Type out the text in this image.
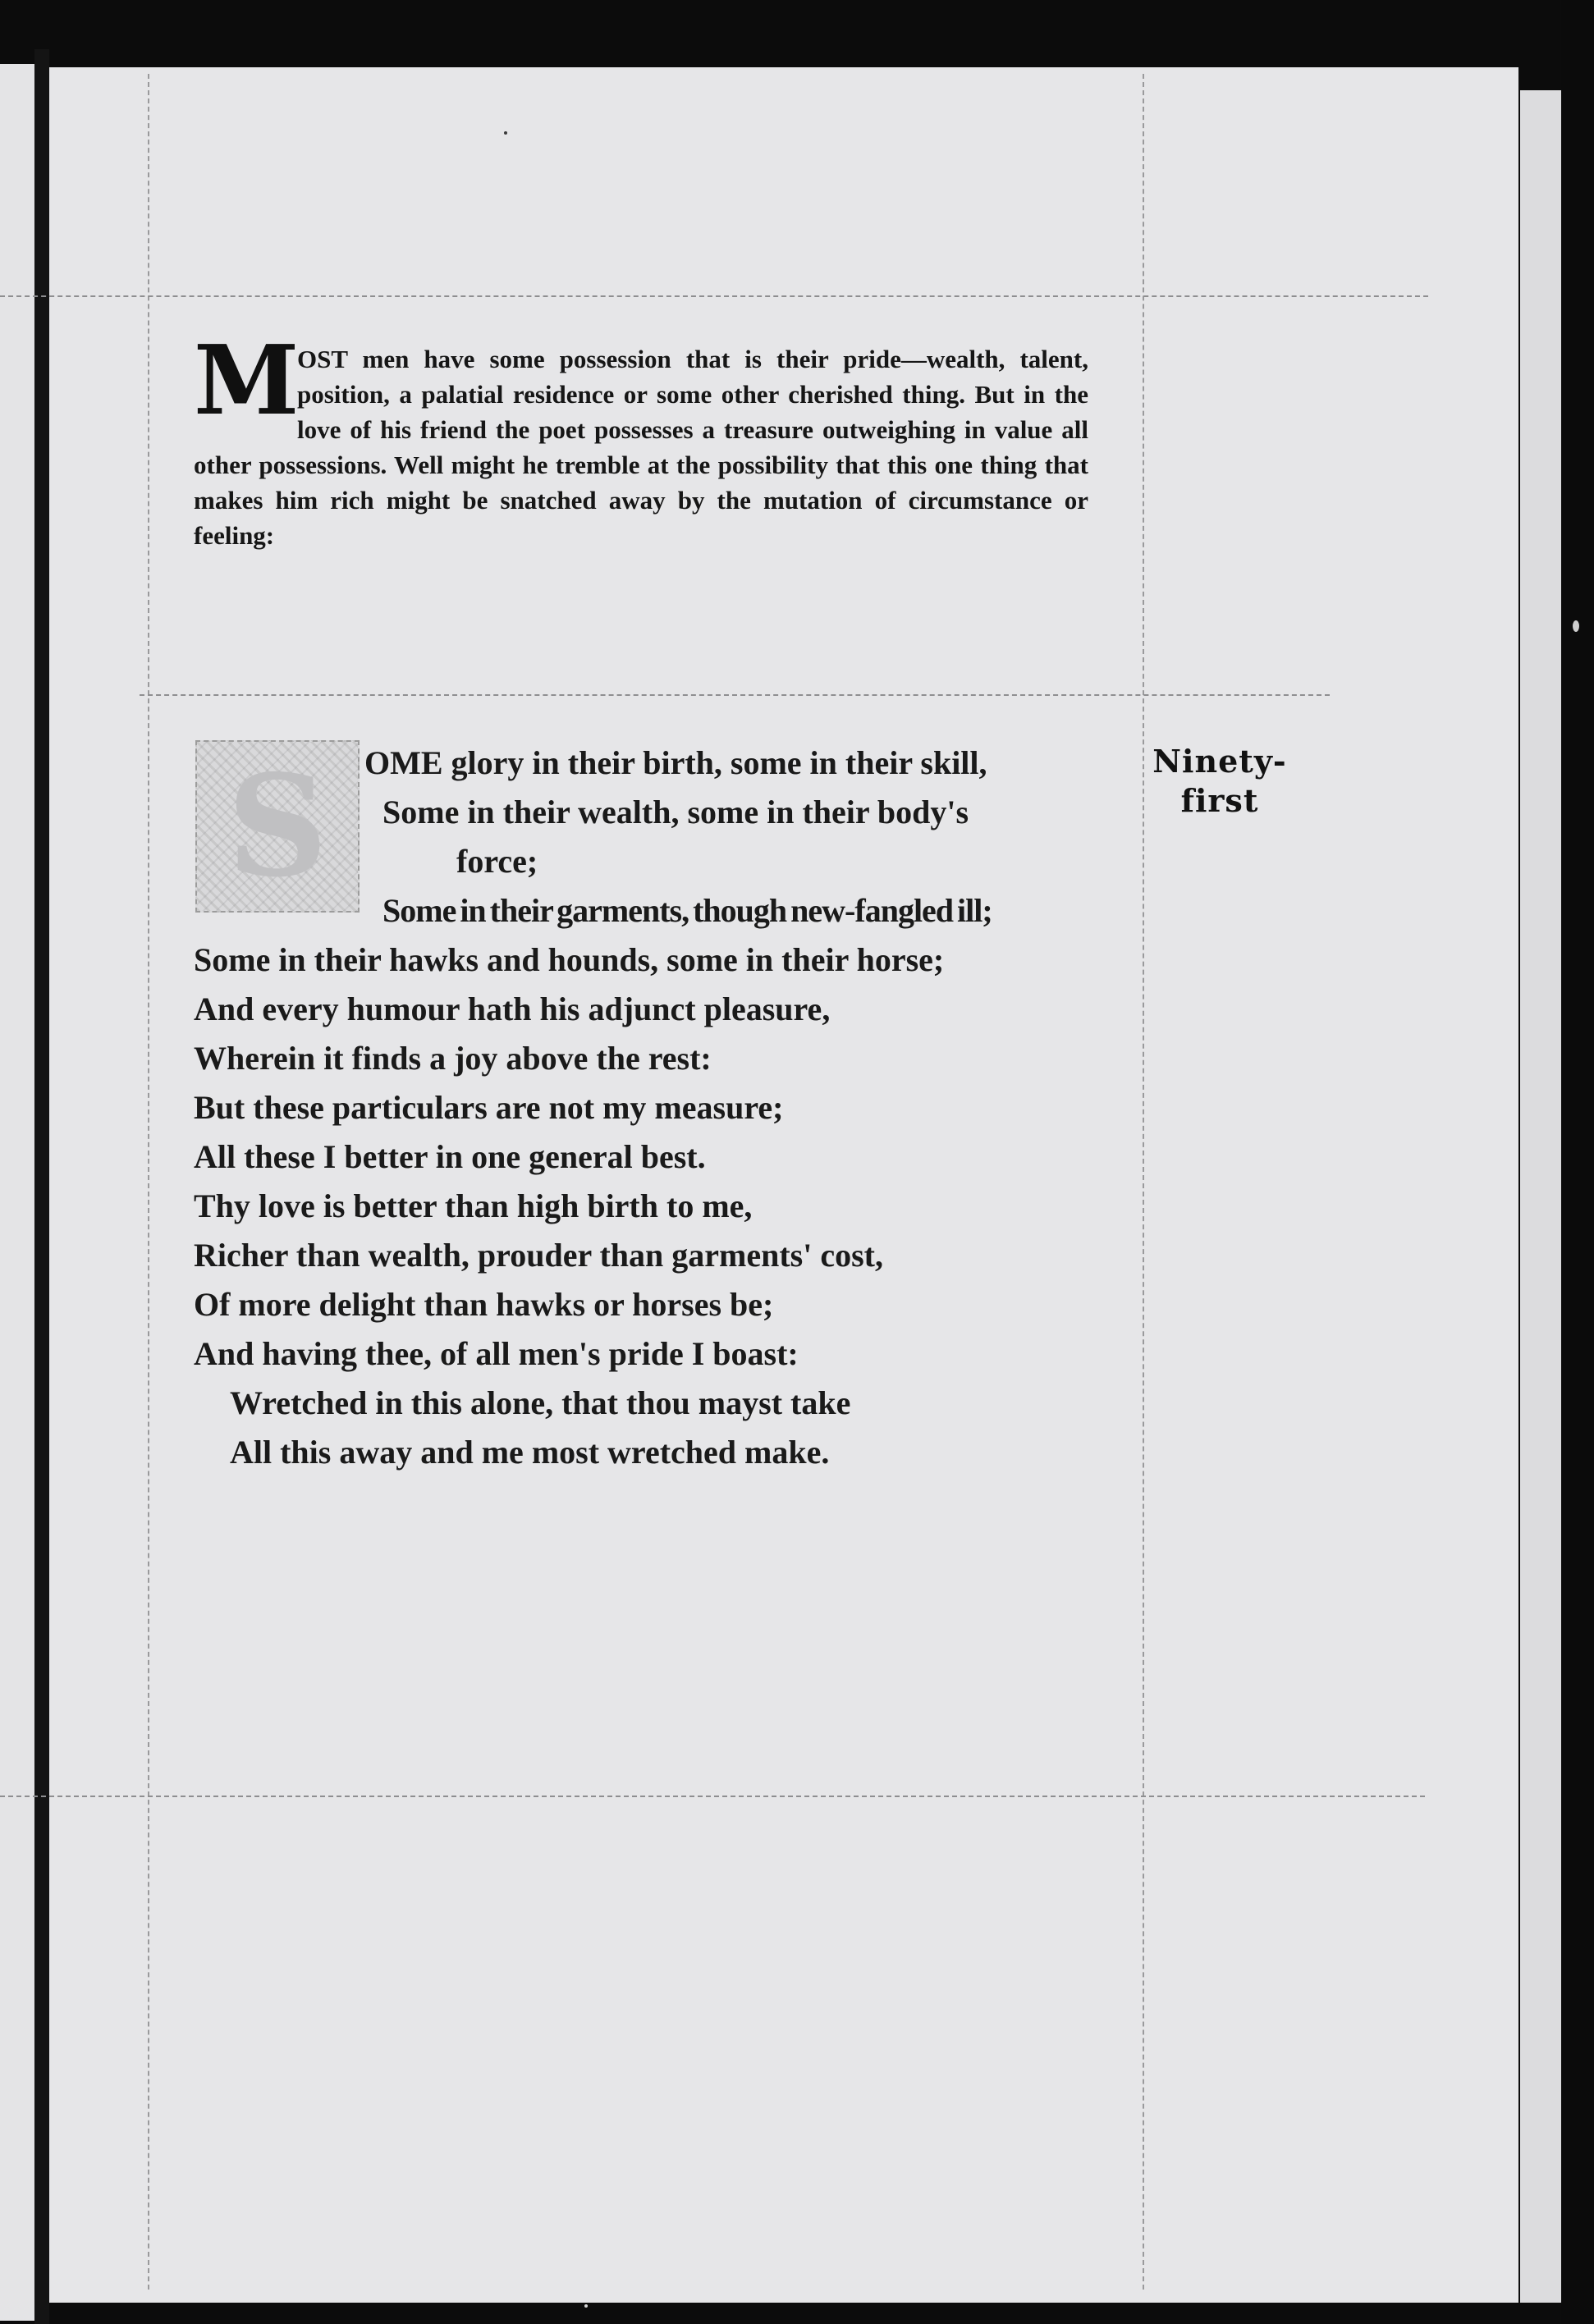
M
OST men have some possession that is their pride—wealth, talent, position, a palatial residence or some other cherished thing. But in the love of his friend the poet possesses a treasure outweighing in value all other possessions. Well might he tremble at the possibility that this one thing that makes him rich might be snatched away by the mutation of circumstance or feeling:
S	OME glory in their birth, some in their skill,
Some in their wealth, some in their body's
force;
Some in their garments, though new-fangled ill;
Some in their hawks and hounds, some in their horse;
And every humour hath his adjunct pleasure,
Wherein it finds a joy above the rest:
But these particulars are not my measure;
All these I better in one general best.
Thy love is better than high birth to me,
Richer than wealth, prouder than garments' cost,
Of more delight than hawks or horses be;
And having thee, of all men's pride I boast:
Wretched in this alone, that thou mayst take
All this away and me most wretched make.
Ninety-
first
